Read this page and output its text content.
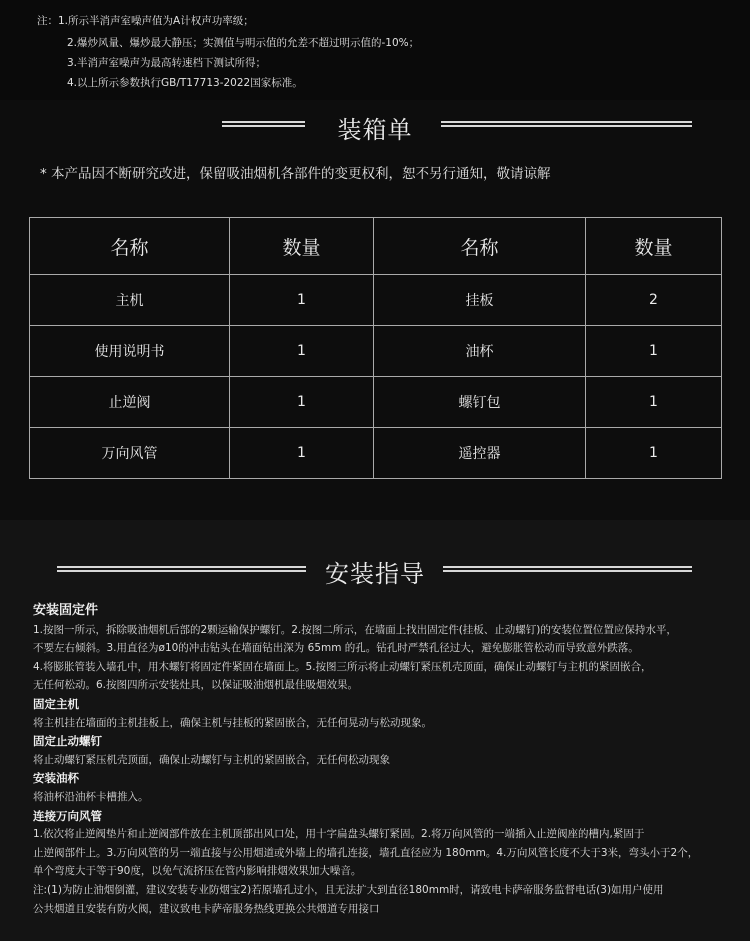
注：1.所示半消声室噪声值为A计权声功率级；
2.爆炒风量、爆炒最大静压；实测值与明示值的允差不超过明示值的-10%；
3.半消声室噪声为最高转速档下测试所得；
4.以上所示参数执行GB/T17713-2022国家标准。
装箱单
* 本产品因不断研究改进，保留吸油烟机各部件的变更权利，恕不另行通知，敬请谅解
名称	数量	名称	数量
主机	1	挂板	2
使用说明书	1	油杯	1
止逆阀	1	螺钉包	1
万向风管	1	遥控器	1
安装指导
安装固定件
1.按图一所示，拆除吸油烟机后部的2颗运输保护螺钉。2.按图二所示，在墙面上找出固定件(挂板、止动螺钉)的安装位置位置应保持水平，
不要左右倾斜。3.用直径为ø10的冲击钻头在墙面钻出深为 65mm 的孔。钻孔时严禁孔径过大，避免膨胀管松动而导致意外跌落。
4.将膨胀管装入墙孔中，用木螺钉将固定件紧固在墙面上。5.按图三所示将止动螺钉紧压机壳顶面，确保止动螺钉与主机的紧固嵌合，
无任何松动。6.按图四所示安装灶具，以保证吸油烟机最佳吸烟效果。
固定主机
将主机挂在墙面的主机挂板上，确保主机与挂板的紧固嵌合，无任何晃动与松动现象。
固定止动螺钉
将止动螺钉紧压机壳顶面，确保止动螺钉与主机的紧固嵌合，无任何松动现象
安装油杯
将油杯沿油杯卡槽推入。
连接万向风管
1.依次将止逆阀垫片和止逆阀部件放在主机顶部出风口处，用十字扁盘头螺钉紧固。2.将万向风管的一端插入止逆阀座的槽内,紧固于
止逆阀部件上。3.万向风管的另一端直接与公用烟道或外墙上的墙孔连接，墙孔直径应为 180mm。4.万向风管长度不大于3米，弯头小于2个，
单个弯度大于等于90度，以免气流挤压在管内影响排烟效果加大噪音。
注:(1)为防止油烟倒灌，建议安装专业防烟宝2)若原墙孔过小，且无法扩大到直径180mm时，请致电卡萨帝服务监督电话(3)如用户使用
公共烟道且安装有防火阀，建议致电卡萨帝服务热线更换公共烟道专用接口
